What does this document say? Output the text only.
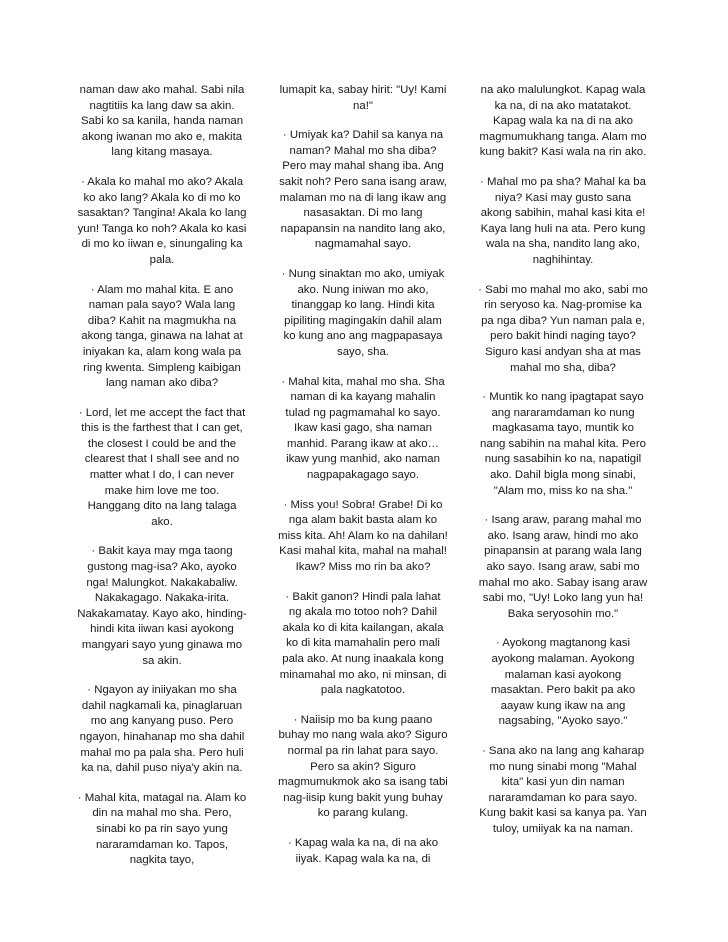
naman daw ako mahal. Sabi nila nagtitiis ka lang daw sa akin. Sabi ko sa kanila, handa naman akong iwanan mo ako e, makita lang kitang masaya.

· Akala ko mahal mo ako? Akala ko ako lang? Akala ko di mo ko sasaktan? Tangina! Akala ko lang yun! Tanga ko noh? Akala ko kasi di mo ko iiwan e, sinungaling ka pala.

· Alam mo mahal kita. E ano naman pala sayo? Wala lang diba? Kahit na magmukha na akong tanga, ginawa na lahat at iniyakan ka, alam kong wala pa ring kwenta. Simpleng kaibigan lang naman ako diba?

· Lord, let me accept the fact that this is the farthest that I can get, the closest I could be and the clearest that I shall see and no matter what I do, I can never make him love me too. Hanggang dito na lang talaga ako.

· Bakit kaya may mga taong gustong mag-isa? Ako, ayoko nga! Malungkot. Nakakabaliw. Nakakagago. Nakaka-irita. Nakakamatay. Kayo ako, hinding-hindi kita iiwan kasi ayokong mangyari sayo yung ginawa mo sa akin.

· Ngayon ay iniiyakan mo sha dahil nagkamali ka, pinaglaruan mo ang kanyang puso. Pero ngayon, hinahanap mo sha dahil mahal mo pa pala sha. Pero huli ka na, dahil puso niya'y akin na.

· Mahal kita, matagal na. Alam ko din na mahal mo sha. Pero, sinabi ko pa rin sayo yung nararamdaman ko. Tapos, nagkita tayo,

lumapit ka, sabay hirit: "Uy! Kami na!"

· Umiyak ka? Dahil sa kanya na naman? Mahal mo sha diba? Pero may mahal shang iba. Ang sakit noh? Pero sana isang araw, malaman mo na di lang ikaw ang nasasaktan. Di mo lang napapansin na nandito lang ako, nagmamahal sayo.

· Nung sinaktan mo ako, umiyak ako. Nung iniwan mo ako, tinanggap ko lang. Hindi kita pipiliting magingakin dahil alam ko kung ano ang magpapasaya sayo, sha.

· Mahal kita, mahal mo sha. Sha naman di ka kayang mahalin tulad ng pagmamahal ko sayo. Ikaw kasi gago, sha naman manhid. Parang ikaw at ako… ikaw yung manhid, ako naman nagpapakagago sayo.

· Miss you! Sobra! Grabe! Di ko nga alam bakit basta alam ko miss kita. Ah! Alam ko na dahilan! Kasi mahal kita, mahal na mahal! Ikaw? Miss mo rin ba ako?

· Bakit ganon? Hindi pala lahat ng akala mo totoo noh? Dahil akala ko di kita kailangan, akala ko di kita mamahalin pero mali pala ako. At nung inaakala kong minamahal mo ako, ni minsan, di pala nagkatotoo.

· Naiisip mo ba kung paano buhay mo nang wala ako? Siguro normal pa rin lahat para sayo. Pero sa akin? Siguro magmumukmok ako sa isang tabi nag-iisip kung bakit yung buhay ko parang kulang.

· Kapag wala ka na, di na ako iiyak. Kapag wala ka na, di

na ako malulungkot. Kapag wala ka na, di na ako matatakot. Kapag wala ka na di na ako magmumukhang tanga. Alam mo kung bakit? Kasi wala na rin ako.

· Mahal mo pa sha? Mahal ka ba niya? Kasi may gusto sana akong sabihin, mahal kasi kita e! Kaya lang huli na ata. Pero kung wala na sha, nandito lang ako, naghihintay.

· Sabi mo mahal mo ako, sabi mo rin seryoso ka. Nag-promise ka pa nga diba? Yun naman pala e, pero bakit hindi naging tayo? Siguro kasi andyan sha at mas mahal mo sha, diba?

· Muntik ko nang ipagtapat sayo ang nararamdaman ko nung magkasama tayo, muntik ko nang sabihin na mahal kita. Pero nung sasabihin ko na, napatigil ako. Dahil bigla mong sinabi, "Alam mo, miss ko na sha."

· Isang araw, parang mahal mo ako. Isang araw, hindi mo ako pinapansin at parang wala lang ako sayo. Isang araw, sabi mo mahal mo ako. Sabay isang araw sabi mo, "Uy! Loko lang yun ha! Baka seryosohin mo."

· Ayokong magtanong kasi ayokong malaman. Ayokong malaman kasi ayokong masaktan. Pero bakit pa ako aayaw kung ikaw na ang nagsabing, "Ayoko sayo."

· Sana ako na lang ang kaharap mo nung sinabi mong "Mahal kita" kasi yun din naman nararamdaman ko para sayo. Kung bakit kasi sa kanya pa. Yan tuloy, umiiyak ka na naman.
